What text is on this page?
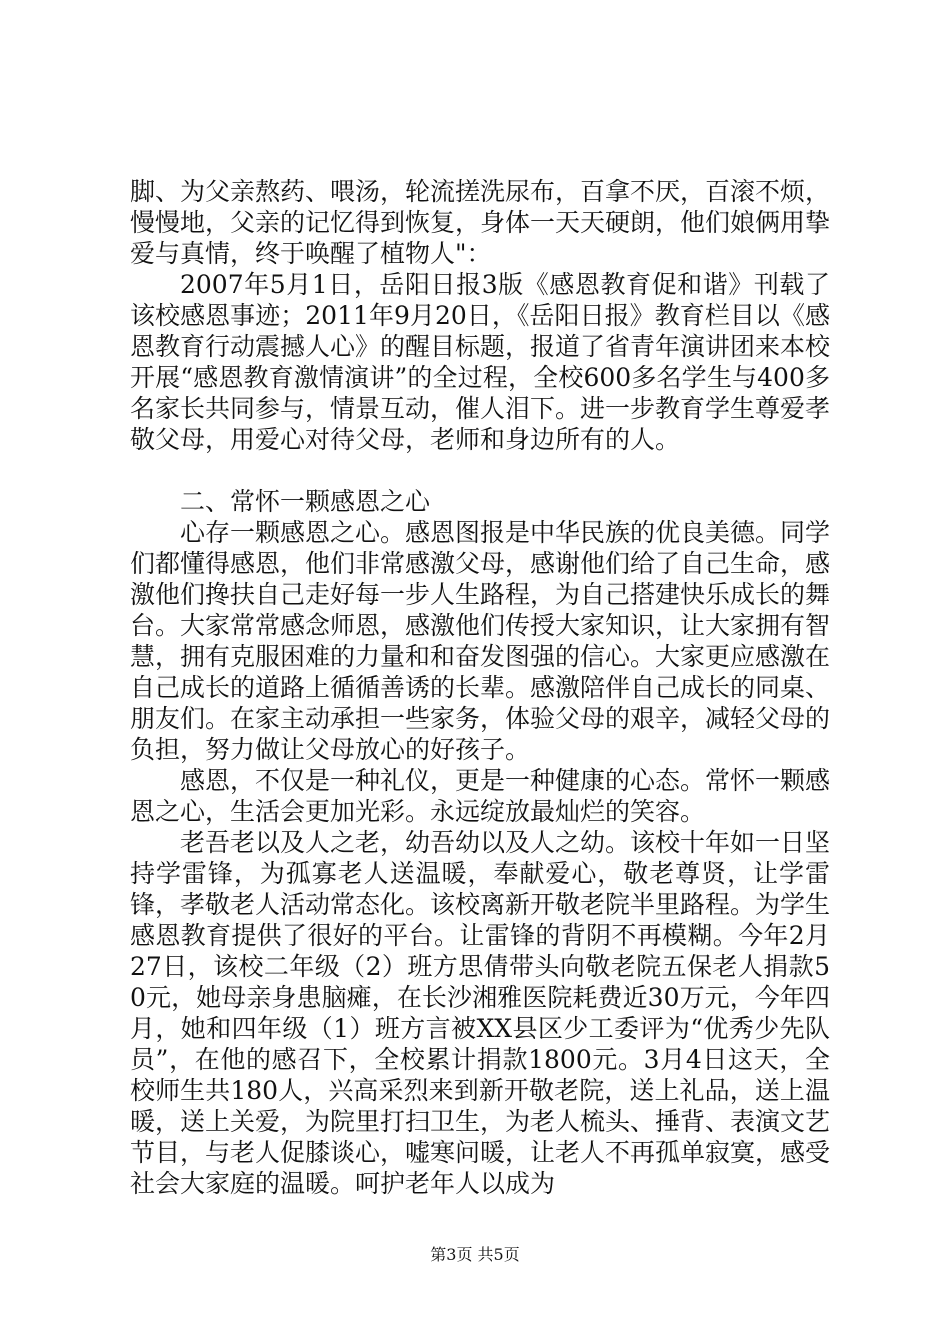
脚、为父亲熬药、喂汤，轮流搓洗尿布，百拿不厌，百滚不烦，慢慢地，父亲的记忆得到恢复，身体一天天硬朗，他们娘俩用挚爱与真情，终于唤醒了植物人"：

2007年5月1日，岳阳日报3版《感恩教育促和谐》刊载了该校感恩事迹；2011年9月20日，《岳阳日报》教育栏目以《感恩教育行动震撼人心》的醒目标题，报道了省青年演讲团来本校开展“感恩教育激情演讲”的全过程，全校600多名学生与400多名家长共同参与，情景互动，催人泪下。进一步教育学生尊爱孝敬父母，用爱心对待父母，老师和身边所有的人。

二、常怀一颗感恩之心

心存一颗感恩之心。感恩图报是中华民族的优良美德。同学们都懂得感恩，他们非常感激父母，感谢他们给了自己生命，感激他们搀扶自己走好每一步人生路程，为自己搭建快乐成长的舞台。大家常常感念师恩，感激他们传授大家知识，让大家拥有智慧，拥有克服困难的力量和和奋发图强的信心。大家更应感激在自己成长的道路上循循善诱的长辈。感激陪伴自己成长的同桌、朋友们。在家主动承担一些家务，体验父母的艰辛，减轻父母的负担，努力做让父母放心的好孩子。

感恩，不仅是一种礼仪，更是一种健康的心态。常怀一颗感恩之心，生活会更加光彩。永远绽放最灿烂的笑容。

老吾老以及人之老，幼吾幼以及人之幼。该校十年如一日坚持学雷锋，为孤寡老人送温暖，奉献爱心，敬老尊贤，让学雷锋，孝敬老人活动常态化。该校离新开敬老院半里路程。为学生感恩教育提供了很好的平台。让雷锋的背阴不再模糊。今年2月27日，该校二年级（2）班方思倩带头向敬老院五保老人捐款50元，她母亲身患脑瘫，在长沙湘雅医院耗费近30万元，今年四月，她和四年级（1）班方言被XX县区少工委评为“优秀少先队员”，在他的感召下，全校累计捐款1800元。3月4日这天，全校师生共180人，兴高采烈来到新开敬老院，送上礼品，送上温暖，送上关爱，为院里打扫卫生，为老人梳头、捶背、表演文艺节目，与老人促膝谈心，嘘寒问暖，让老人不再孤单寂寞，感受社会大家庭的温暖。呵护老年人以成为

第3页 共5页
